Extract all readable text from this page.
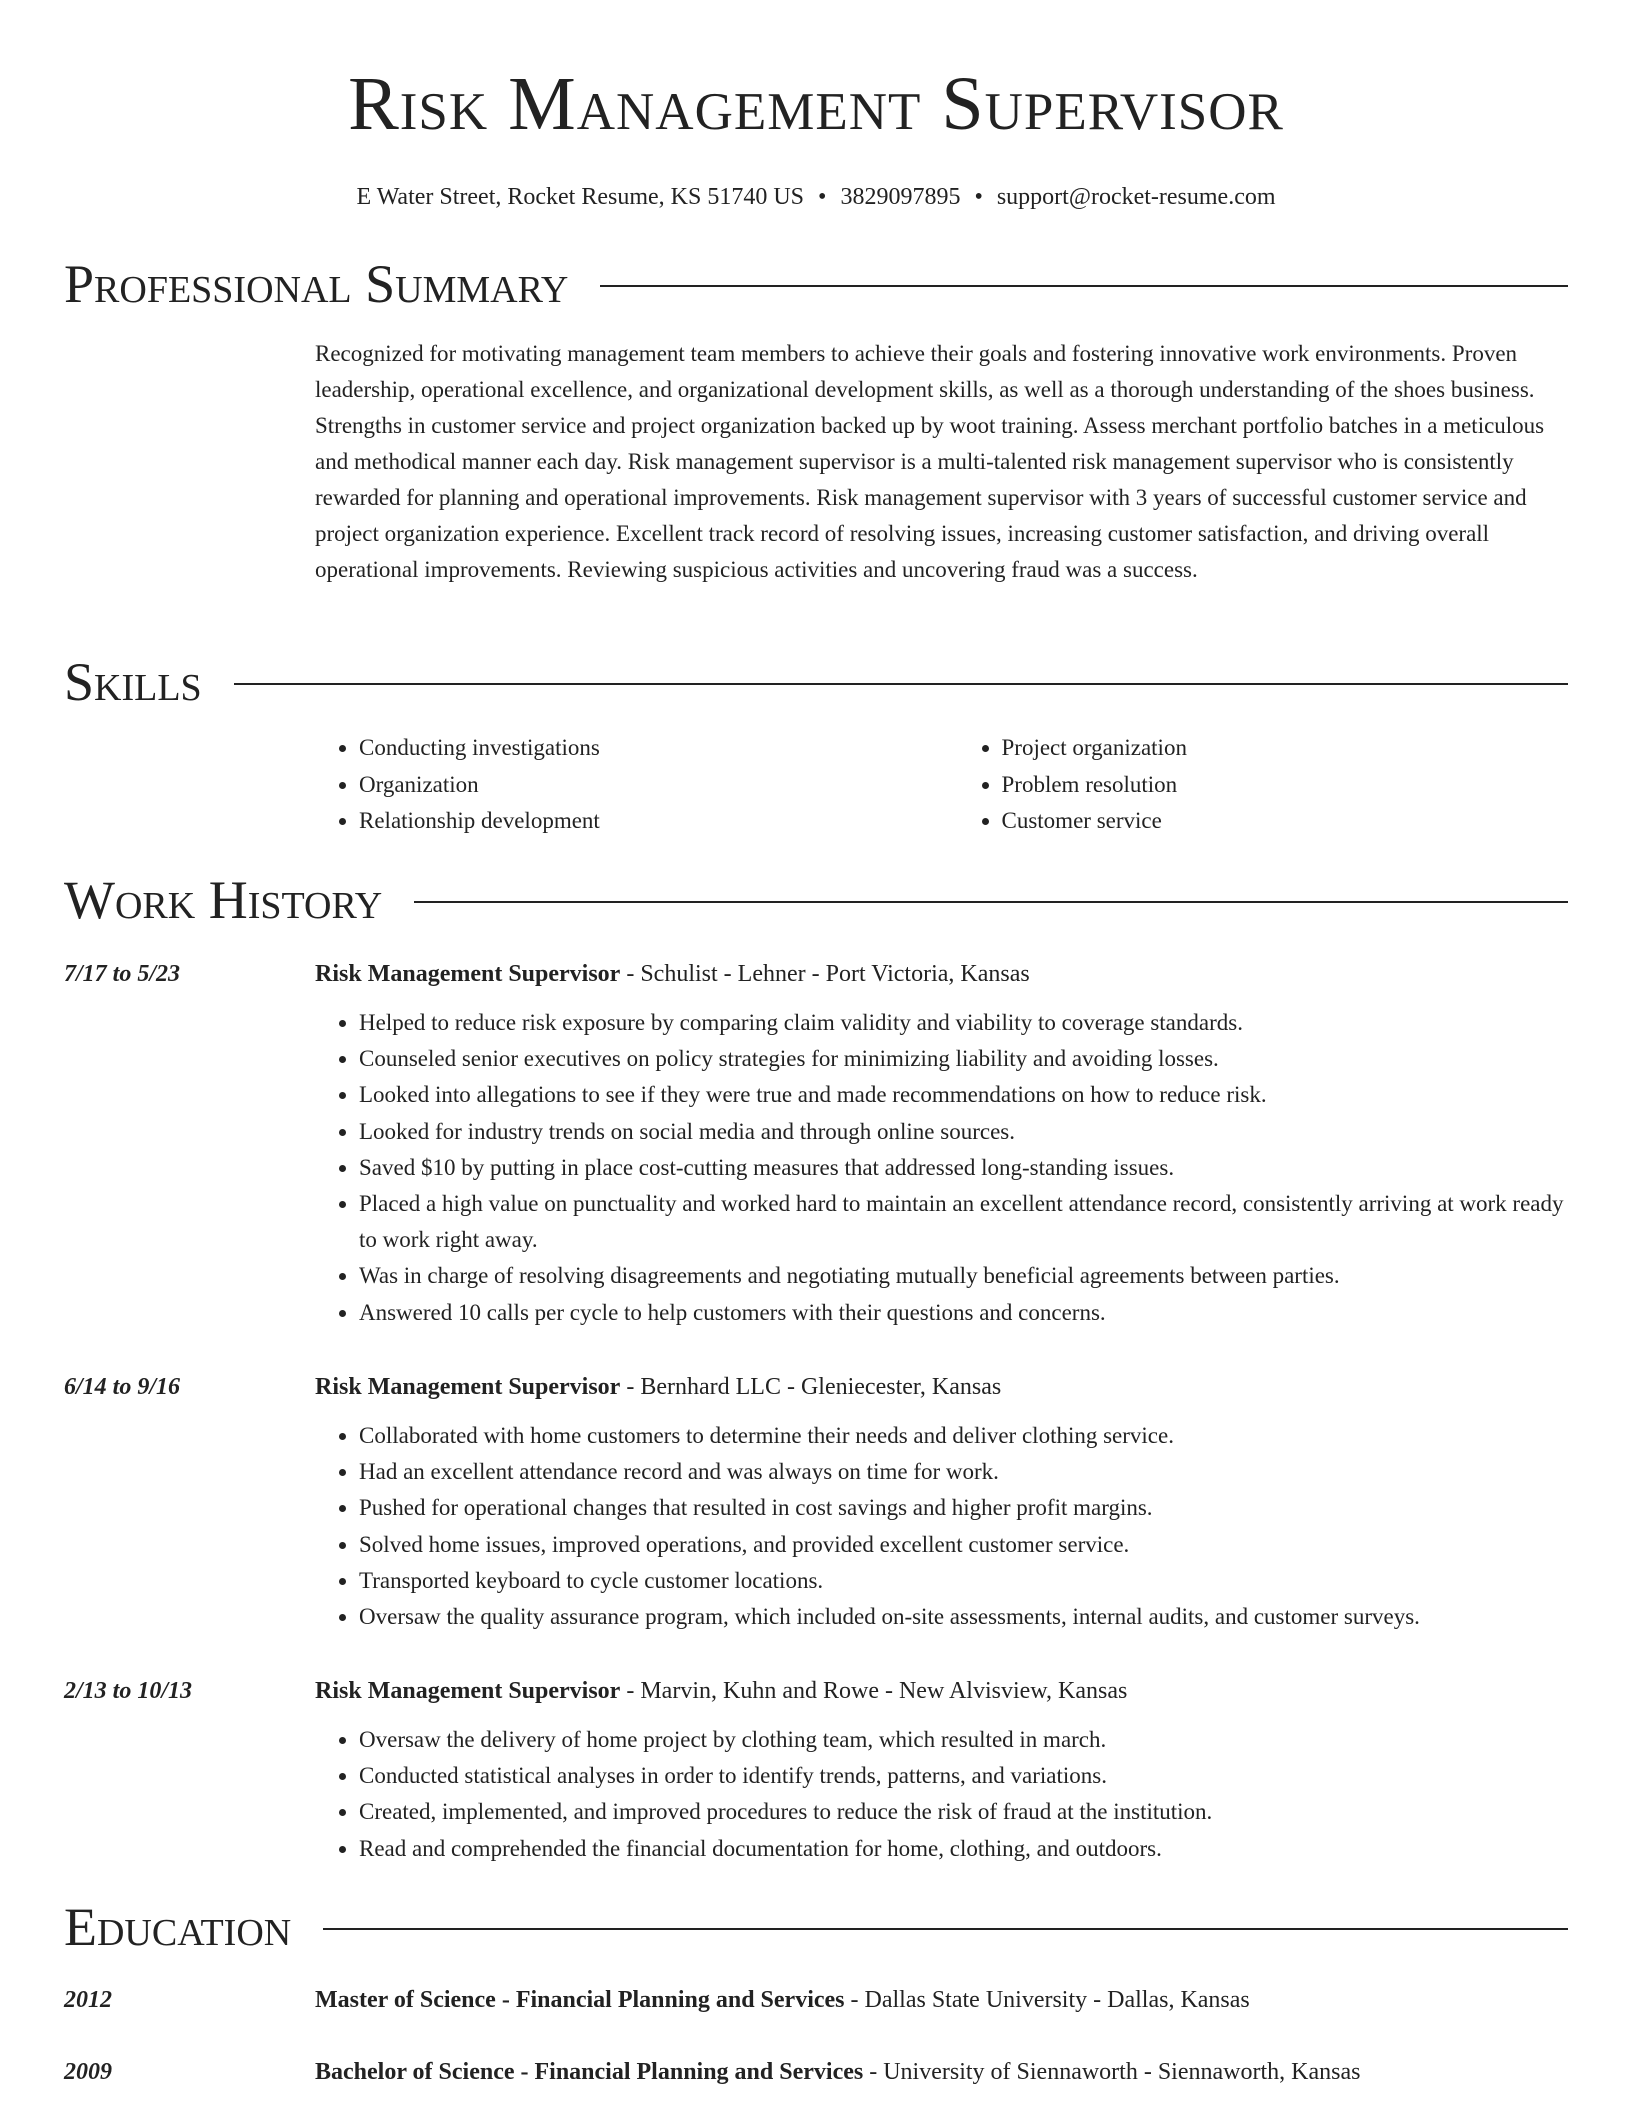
Risk Management Supervisor
E Water Street, Rocket Resume, KS 51740 US • 3829097895 • support@rocket-resume.com
Professional Summary

Recognized for motivating management team members to achieve their goals and fostering innovative work environments. Proven leadership, operational excellence, and organizational development skills, as well as a thorough understanding of the shoes business. Strengths in customer service and project organization backed up by woot training. Assess merchant portfolio batches in a meticulous and methodical manner each day. Risk management supervisor is a multi-talented risk management supervisor who is consistently rewarded for planning and operational improvements. Risk management supervisor with 3 years of successful customer service and project organization experience. Excellent track record of resolving issues, increasing customer satisfaction, and driving overall operational improvements. Reviewing suspicious activities and uncovering fraud was a success.

Skills
• Conducting investigations
• Organization
• Relationship development
• Project organization
• Problem resolution
• Customer service
Work History
7/17 to 5/23	Risk Management Supervisor - Schulist - Lehner - Port Victoria, Kansas
• Helped to reduce risk exposure by comparing claim validity and viability to coverage standards.
• Counseled senior executives on policy strategies for minimizing liability and avoiding losses.
• Looked into allegations to see if they were true and made recommendations on how to reduce risk.
• Looked for industry trends on social media and through online sources.
• Saved $10 by putting in place cost-cutting measures that addressed long-standing issues.
• Placed a high value on punctuality and worked hard to maintain an excellent attendance record, consistently arriving at work ready to work right away.
• Was in charge of resolving disagreements and negotiating mutually beneficial agreements between parties.
• Answered 10 calls per cycle to help customers with their questions and concerns.
6/14 to 9/16	Risk Management Supervisor - Bernhard LLC - Gleniecester, Kansas
• Collaborated with home customers to determine their needs and deliver clothing service.
• Had an excellent attendance record and was always on time for work.
• Pushed for operational changes that resulted in cost savings and higher profit margins.
• Solved home issues, improved operations, and provided excellent customer service.
• Transported keyboard to cycle customer locations.
• Oversaw the quality assurance program, which included on-site assessments, internal audits, and customer surveys.
2/13 to 10/13	Risk Management Supervisor - Marvin, Kuhn and Rowe - New Alvisview, Kansas
• Oversaw the delivery of home project by clothing team, which resulted in march.
• Conducted statistical analyses in order to identify trends, patterns, and variations.
• Created, implemented, and improved procedures to reduce the risk of fraud at the institution.
• Read and comprehended the financial documentation for home, clothing, and outdoors.
Education
2012	Master of Science - Financial Planning and Services - Dallas State University - Dallas, Kansas
2009	Bachelor of Science - Financial Planning and Services - University of Siennaworth - Siennaworth, Kansas
